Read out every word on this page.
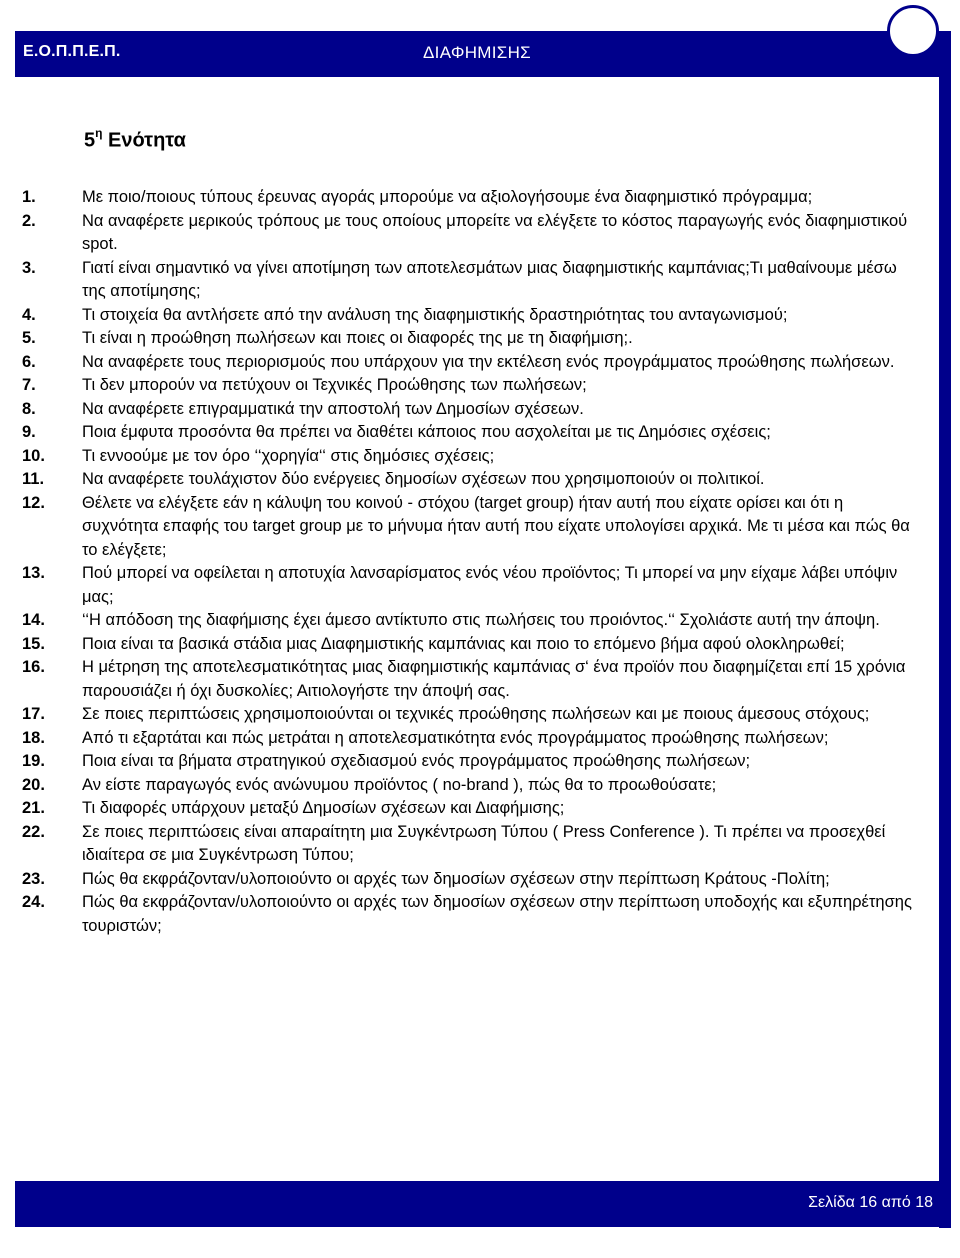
Ε.Ο.Π.Π.Ε.Π.	ΔΙΑΦΗΜΙΣΗΣ
$5^\eta$ Ενότητα
1.	Με ποιο/ποιους τύπους έρευνας αγοράς μπορούμε να αξιολογήσουμε ένα διαφημιστικό πρόγραμμα;
2.	Να αναφέρετε μερικούς τρόπους με τους οποίους μπορείτε να ελέγξετε το κόστος παραγωγής ενός διαφημιστικού spot.
3.	Γιατί είναι σημαντικό να γίνει αποτίμηση των αποτελεσμάτων μιας διαφημιστικής καμπάνιας;Τι μαθαίνουμε μέσω της αποτίμησης;
4.	Τι στοιχεία θα αντλήσετε από την ανάλυση της διαφημιστικής δραστηριότητας του ανταγωνισμού;
5.	Τι είναι η προώθηση πωλήσεων και ποιες οι διαφορές της με τη διαφήμιση;.
6.	Να αναφέρετε τους περιορισμούς που υπάρχουν για την εκτέλεση ενός προγράμματος προώθησης πωλήσεων.
7.	Τι δεν μπορούν να πετύχουν οι Τεχνικές Προώθησης των πωλήσεων;
8.	Να αναφέρετε επιγραμματικά την αποστολή των Δημοσίων σχέσεων.
9.	Ποια έμφυτα προσόντα θα πρέπει να διαθέτει κάποιος που ασχολείται με τις Δημόσιες σχέσεις;
10. Τι εννοούμε με τον όρο ‘‘χορηγία‘‘ στις δημόσιες σχέσεις;
11. Να αναφέρετε τουλάχιστον δύο ενέργειες δημοσίων σχέσεων που χρησιμοποιούν οι πολιτικοί.
12. Θέλετε να ελέγξετε εάν η κάλυψη του κοινού - στόχου (target group) ήταν αυτή που είχατε ορίσει και ότι η συχνότητα επαφής του target group με το μήνυμα ήταν αυτή που είχατε υπολογίσει αρχικά. Με τι μέσα και πώς θα το ελέγξετε;
13. Πού μπορεί να οφείλεται η αποτυχία λανσαρίσματος ενός νέου προϊόντος; Τι μπορεί να μην είχαμε λάβει υπόψιν μας;
14. ‘‘Η απόδοση της διαφήμισης έχει άμεσο αντίκτυπο στις πωλήσεις του προιόντος.‘‘ Σχολιάστε αυτή την άποψη.
15. Ποια είναι τα βασικά στάδια μιας Διαφημιστικής καμπάνιας και ποιο το επόμενο βήμα αφού ολοκληρωθεί;
16. Η μέτρηση της αποτελεσματικότητας μιας διαφημιστικής καμπάνιας σ‘ ένα προϊόν που διαφημίζεται επί 15 χρόνια παρουσιάζει ή όχι δυσκολίες; Αιτιολογήστε την άποψή σας.
17. Σε ποιες περιπτώσεις χρησιμοποιούνται οι τεχνικές προώθησης πωλήσεων και με ποιους άμεσους στόχους;
18. Από τι εξαρτάται και πώς μετράται η αποτελεσματικότητα ενός προγράμματος προώθησης πωλήσεων;
19. Ποια είναι τα βήματα στρατηγικού σχεδιασμού ενός προγράμματος προώθησης πωλήσεων;
20. Αν είστε παραγωγός ενός ανώνυμου προϊόντος ( no-brand ), πώς θα το προωθούσατε;
21. Τι διαφορές υπάρχουν μεταξύ Δημοσίων σχέσεων και Διαφήμισης;
22. Σε ποιες περιπτώσεις είναι απαραίτητη μια Συγκέντρωση Τύπου ( Press Conference ). Τι πρέπει να προσεχθεί ιδιαίτερα σε μια Συγκέντρωση Τύπου;
23. Πώς θα εκφράζονταν/υλοποιούντο οι αρχές των δημοσίων σχέσεων στην περίπτωση Κράτους -Πολίτη;
24. Πώς θα εκφράζονταν/υλοποιούντο οι αρχές των δημοσίων σχέσεων στην περίπτωση υποδοχής και εξυπηρέτησης τουριστών;
Σελίδα 16 από 18
